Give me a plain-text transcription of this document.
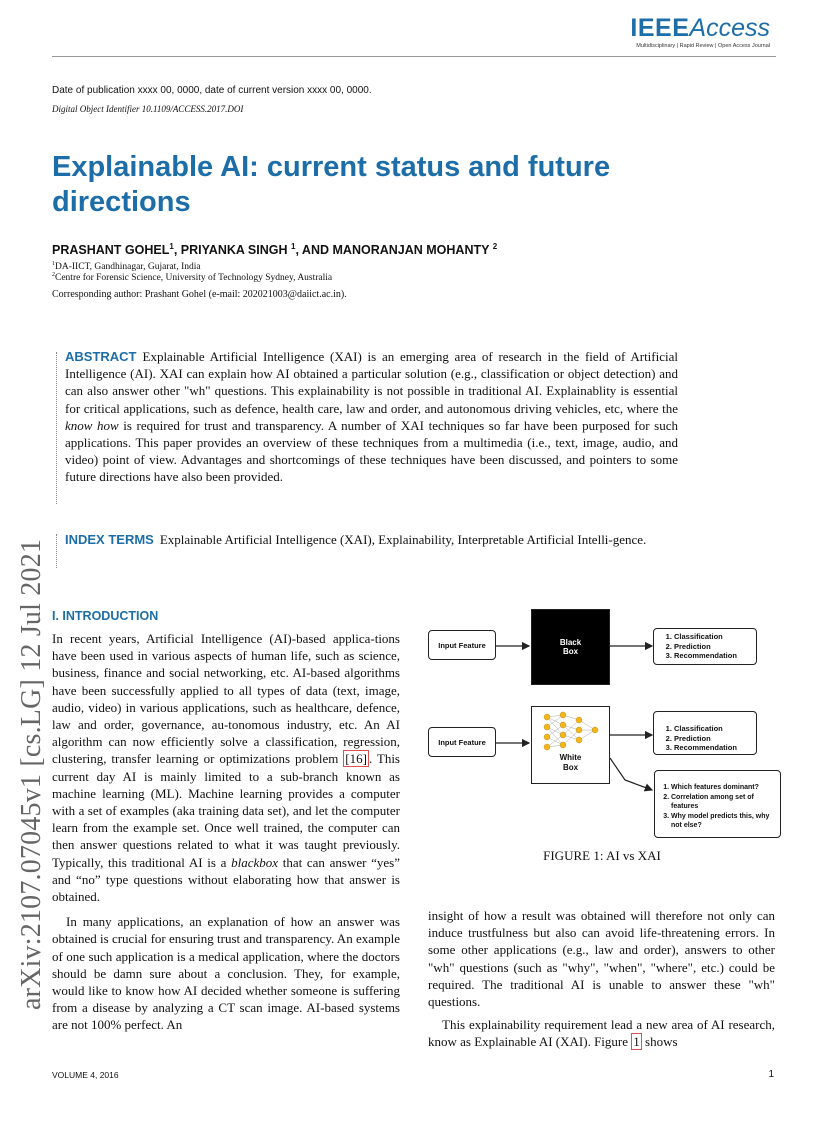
IEEEAccess
Multidisciplinary | Rapid Review | Open Access Journal
Date of publication xxxx 00, 0000, date of current version xxxx 00, 0000.
Digital Object Identifier 10.1109/ACCESS.2017.DOI
Explainable AI: current status and future directions
PRASHANT GOHEL$^1$, PRIYANKA SINGH $^1$, AND MANORANJAN MOHANTY $^2$
$^1$DA-IICT, Gandhinagar, Gujarat, India
$^2$Centre for Forensic Science, University of Technology Sydney, Australia
Corresponding author: Prashant Gohel (e-mail: 202021003@daiict.ac.in).
arXiv:2107.07045v1 [cs.LG] 12 Jul 2021
ABSTRACT Explainable Artificial Intelligence (XAI) is an emerging area of research in the field of Artificial Intelligence (AI). XAI can explain how AI obtained a particular solution (e.g., classification or object detection) and can also answer other "wh" questions. This explainability is not possible in traditional AI. Explainablity is essential for critical applications, such as defence, health care, law and order, and autonomous driving vehicles, etc, where the know how is required for trust and transparency. A number of XAI techniques so far have been purposed for such applications. This paper provides an overview of these techniques from a multimedia (i.e., text, image, audio, and video) point of view. Advantages and shortcomings of these techniques have been discussed, and pointers to some future directions have also been provided.
INDEX TERMS Explainable Artificial Intelligence (XAI), Explainability, Interpretable Artificial Intelli-gence.
I. INTRODUCTION

In recent years, Artificial Intelligence (AI)-based applica-tions have been used in various aspects of human life, such as science, business, finance and social networking, etc. AI-based algorithms have been successfully applied to all types of data (text, image, audio, video) in various applications, such as healthcare, defence, law and order, governance, au-tonomous industry, etc. An AI algorithm can now efficiently solve a classification, regression, clustering, transfer learning or optimizations problem [16] . This current day AI is mainly limited to a sub-branch known as machine learning (ML). Machine learning provides a computer with a set of examples (aka training data set), and let the computer learn from the example set. Once well trained, the computer can then answer questions related to what it was taught previously. Typically, this traditional AI is a blackbox that can answer “yes” and “no” type questions without elaborating how that answer is obtained.

In many applications, an explanation of how an answer was obtained is crucial for ensuring trust and transparency. An example of one such application is a medical application, where the doctors should be damn sure about a conclusion. They, for example, would like to know how AI decided whether someone is suffering from a disease by analyzing a CT scan image. AI-based systems are not 100% perfect. An

insight of how a result was obtained will therefore not only can induce trustfulness but also can avoid life-threatening errors. In some other applications (e.g., law and order), answers to other "wh" questions (such as "why", "when", "where", etc.) could be required. The traditional AI is unable to answer these "wh" questions.

This explainability requirement lead a new area of AI research, know as Explainable AI (XAI). Figure 1 shows

Input Feature	Black
Box
1. Classification
2. Prediction
3. Recommendation
Input Feature
White
Box
1. Classification
2. Prediction
3. Recommendation
1. Which features dominant?
2. Correlation among set of features
3. Why model predicts this, why not else?
FIGURE 1: AI vs XAI
VOLUME 4, 2016	1
